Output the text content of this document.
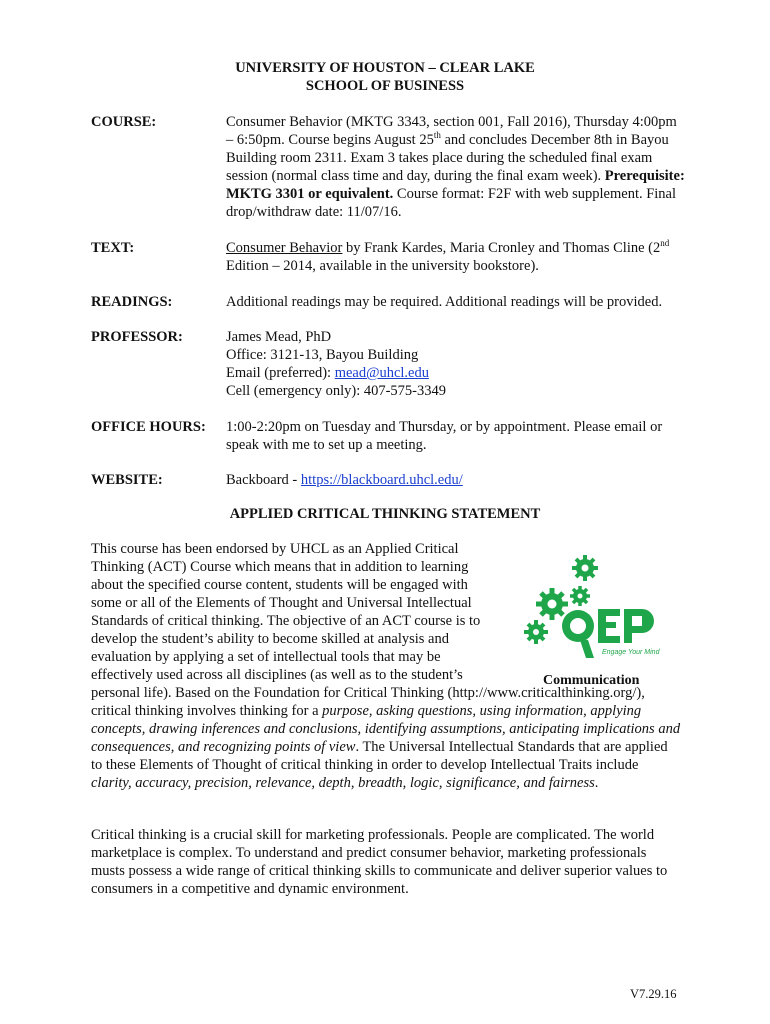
UNIVERSITY OF HOUSTON – CLEAR LAKE
SCHOOL OF BUSINESS
COURSE:	Consumer Behavior (MKTG 3343, section 001, Fall 2016), Thursday 4:00pm – 6:50pm. Course begins August 25th and concludes December 8th in Bayou Building room 2311. Exam 3 takes place during the scheduled final exam session (normal class time and day, during the final exam week). Prerequisite: MKTG 3301 or equivalent. Course format: F2F with web supplement. Final drop/withdraw date: 11/07/16.

TEXT:	Consumer Behavior by Frank Kardes, Maria Cronley and Thomas Cline (2nd Edition – 2014, available in the university bookstore).

READINGS:	Additional readings may be required. Additional readings will be provided.
PROFESSOR:	James Mead, PhD
Office: 3121-13, Bayou Building
Email (preferred): mead@uhcl.edu
Cell (emergency only): 407-575-3349
OFFICE HOURS: 1:00-2:20pm on Tuesday and Thursday, or by appointment. Please email or speak with me to set up a meeting.
WEBSITE:	Backboard - https://blackboard.uhcl.edu/
APPLIED CRITICAL THINKING STATEMENT

This course has been endorsed by UHCL as an Applied Critical Thinking (ACT) Course which means that in addition to learning about the specified course content, students will be engaged with some or all of the Elements of Thought and Universal Intellectual Standards of critical thinking. The objective of an ACT course is to develop the student’s ability to become skilled at analysis and evaluation by applying a set of intellectual tools that may be effectively used across all disciplines (as well as to the student’s personal life). Based on the Foundation for Critical Thinking (http://www.criticalthinking.org/), critical thinking involves thinking for a purpose, asking questions, using information, applying concepts, drawing inferences and conclusions, identifying assumptions, anticipating implications and consequences, and recognizing points of view. The Universal Intellectual Standards that are applied to these Elements of Thought of critical thinking in order to develop Intellectual Traits include clarity, accuracy, precision, relevance, depth, breadth, logic, significance, and fairness.

Engage Your Mind
Communication

Critical thinking is a crucial skill for marketing professionals. People are complicated. The world marketplace is complex. To understand and predict consumer behavior, marketing professionals musts possess a wide range of critical thinking skills to communicate and deliver superior values to consumers in a competitive and dynamic environment.

V7.29.16
